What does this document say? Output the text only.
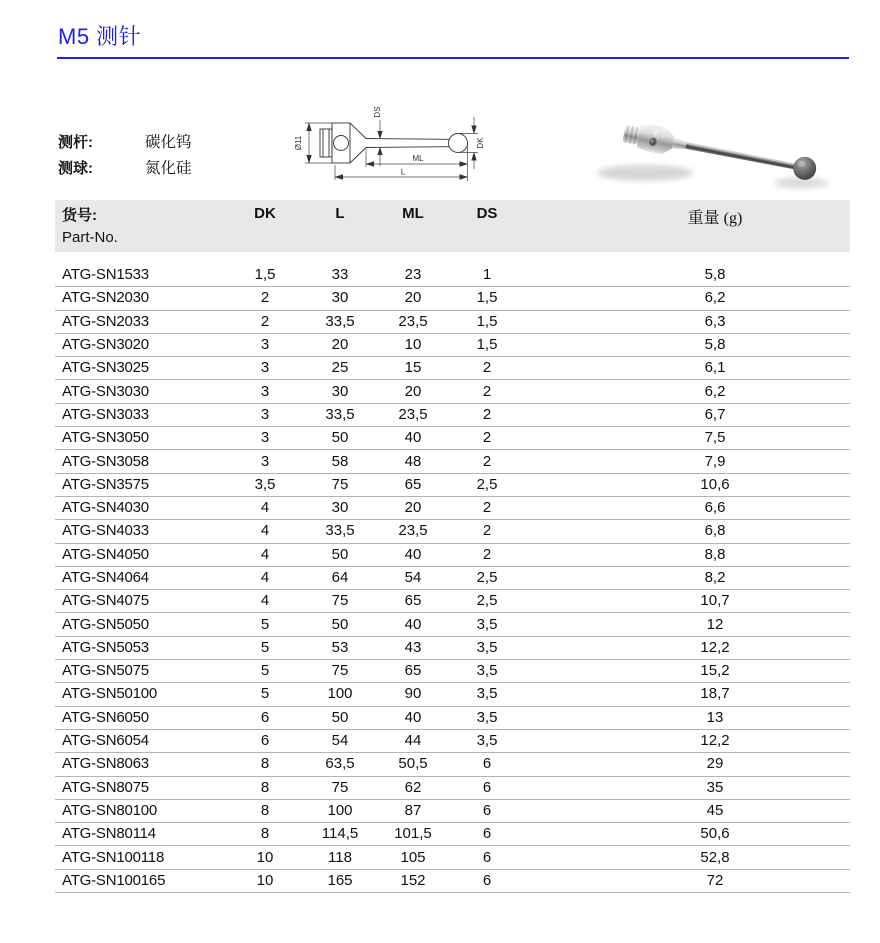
M5 测针
测杆:	碳化钨
测球:	氮化硅
Ø11
DS
DK
ML
L
货号:
Part-No.
DK	L	ML	DS	重量 (g)
ATG-SN1533	1,5	33	23	1	5,8
ATG-SN2030	2	30	20	1,5	6,2
ATG-SN2033	2	33,5	23,5	1,5	6,3
ATG-SN3020	3	20	10	1,5	5,8
ATG-SN3025	3	25	15	2	6,1
ATG-SN3030	3	30	20	2	6,2
ATG-SN3033	3	33,5	23,5	2	6,7
ATG-SN3050	3	50	40	2	7,5
ATG-SN3058	3	58	48	2	7,9
ATG-SN3575	3,5	75	65	2,5	10,6
ATG-SN4030	4	30	20	2	6,6
ATG-SN4033	4	33,5	23,5	2	6,8
ATG-SN4050	4	50	40	2	8,8
ATG-SN4064	4	64	54	2,5	8,2
ATG-SN4075	4	75	65	2,5	10,7
ATG-SN5050	5	50	40	3,5	12
ATG-SN5053	5	53	43	3,5	12,2
ATG-SN5075	5	75	65	3,5	15,2
ATG-SN50100	5	100	90	3,5	18,7
ATG-SN6050	6	50	40	3,5	13
ATG-SN6054	6	54	44	3,5	12,2
ATG-SN8063	8	63,5	50,5	6	29
ATG-SN8075	8	75	62	6	35
ATG-SN80100	8	100	87	6	45
ATG-SN80114	8	114,5	101,5	6	50,6
ATG-SN100118	10	118	105	6	52,8
ATG-SN100165	10	165	152	6	72
